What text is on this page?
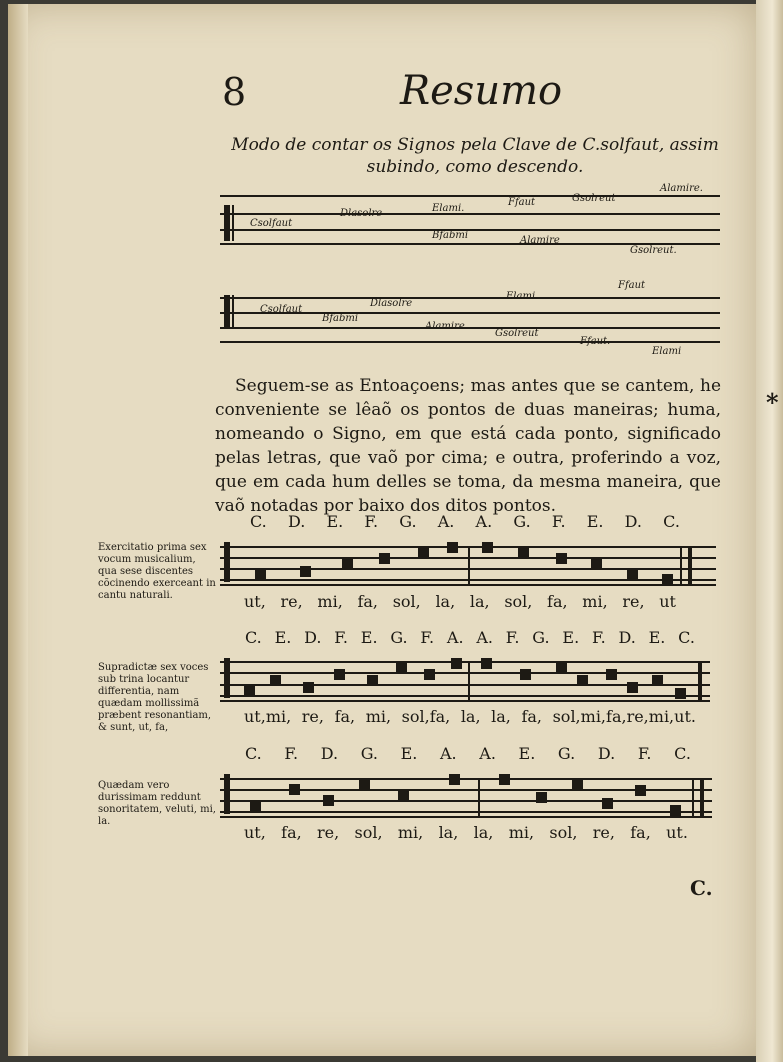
8	Resumo
Modo de contar os Signos pela Clave de C.solfaut, assim subindo, como descendo.
Csolfaut
Dlasolre	Elami.
Ffaut	Gsolreut
Alamire.
Bfabmi	Alamire
Gsolreut.
Csolfaut
Bfabmi
Dlasolre
Alamire
Elami
Gsolreut
Ffaut
Ffaut.
Elami

Seguem-se as Entoaçoens; mas antes que se cantem, he conveniente se lêaõ os pontos de duas maneiras; huma, nomeando o Signo, em que está cada ponto, significado pelas letras, que vaõ por cima; e outra, proferindo a voz, que em cada hum delles se toma, da mesma maneira, que vaõ notadas por baixo dos ditos pontos.

*
C. D. E. F. G. A. A. G. F. E. D. C.
ut, re, mi, fa, sol, la, la, sol, fa, mi, re, ut
Exercitatio prima sex vocum musicalium, qua sese discentes cõcinendo exerceant in cantu naturali.
C. E. D. F. E. G. F. A. A. F. G. E. F. D. E. C.
ut,mi, re, fa, mi, sol,fa, la, la, fa, sol,mi,fa,re,mi,ut.
Supradictæ sex voces sub trina locantur differentia, nam quædam mollissimã præbent resonantiam, & sunt, ut, fa,
C. F. D. G. E. A. A. E. G. D. F. C.
ut, fa, re, sol, mi, la, la, mi, sol, re, fa, ut.
Quædam vero durissimam reddunt sonoritatem, veluti, mi, la.
C.
